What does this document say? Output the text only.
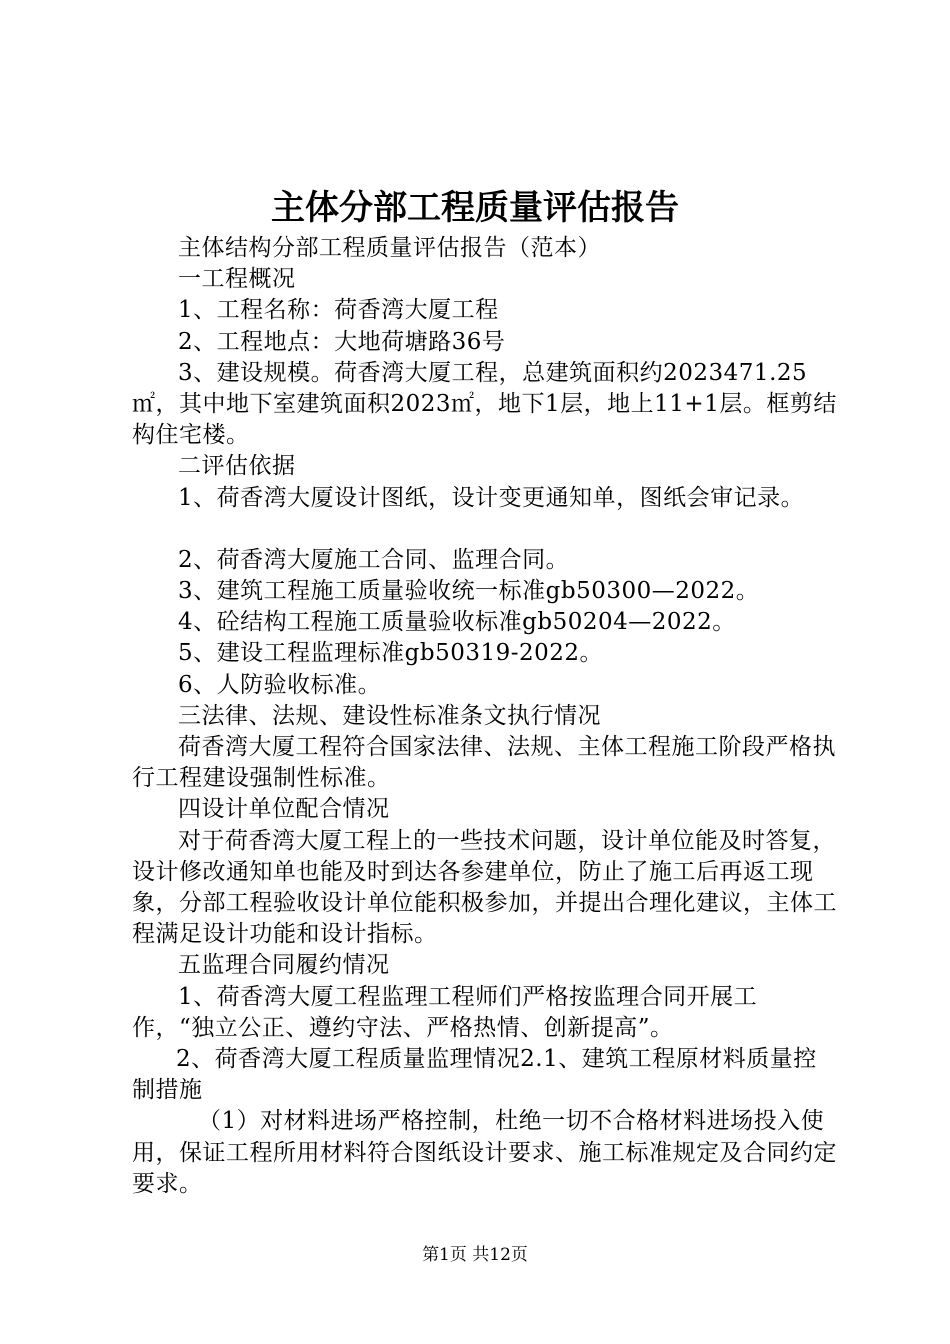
主体分部工程质量评估报告

主体结构分部工程质量评估报告（范本）

一工程概况

1、工程名称：荷香湾大厦工程

2、工程地点：大地荷塘路36号

3、建设规模。荷香湾大厦工程，总建筑面积约2023471.25㎡，其中地下室建筑面积2023㎡，地下1层，地上11+1层。框剪结构住宅楼。

二评估依据

1、荷香湾大厦设计图纸，设计变更通知单，图纸会审记录。

2、荷香湾大厦施工合同、监理合同。

3、建筑工程施工质量验收统一标准gb50300—2022。

4、砼结构工程施工质量验收标准gb50204—2022。

5、建设工程监理标准gb50319-2022。

6、人防验收标准。

三法律、法规、建设性标准条文执行情况

荷香湾大厦工程符合国家法律、法规、主体工程施工阶段严格执行工程建设强制性标准。

四设计单位配合情况

对于荷香湾大厦工程上的一些技术问题，设计单位能及时答复，设计修改通知单也能及时到达各参建单位，防止了施工后再返工现象，分部工程验收设计单位能积极参加，并提出合理化建议，主体工程满足设计功能和设计指标。

五监理合同履约情况

1、荷香湾大厦工程监理工程师们严格按监理合同开展工作，“独立公正、遵约守法、严格热情、创新提高”。

2、荷香湾大厦工程质量监理情况2.1、建筑工程原材料质量控制措施

（1）对材料进场严格控制，杜绝一切不合格材料进场投入使用，保证工程所用材料符合图纸设计要求、施工标准规定及合同约定要求。

第1页 共12页
